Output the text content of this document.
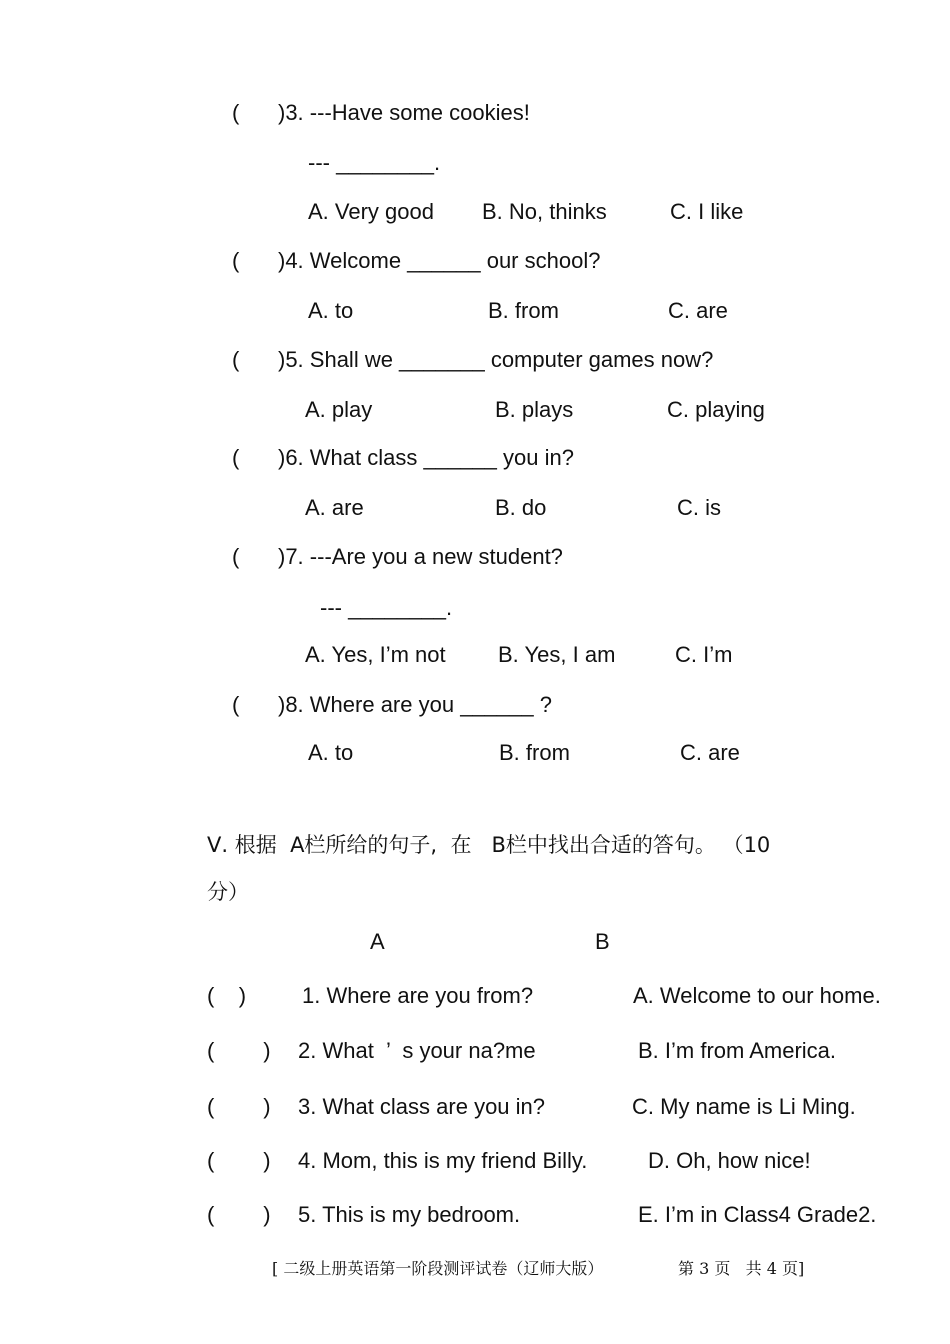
( )3. ---Have some cookies!
--- ________.
A. Very good B. No, thinks	C. I like
( )4. Welcome ______ our school?
A. to	B. from	C. are
( )5. Shall we _______ computer games now?
A. play	B. plays	C. playing
( )6. What class ______ you in?
A. are	B. do	C. is
( )7. ---Are you a new student?
--- ________.
A. Yes, I’m not B. Yes, I am	C. I’m
( )8. Where are you ______ ?
A. to	B. from	C. are
Ⅴ. 根据  A栏所给的句子,  在   B栏中找出合适的答句。 （10
分）
A	B
(    )	1. Where are you from?	A. Welcome to our home.
(        ) 2. What  ’  s your na?me	B. I’m from America.
(        ) 3. What class are you in?	C. My name is Li Ming.
(        ) 4. Mom, this is my friend Billy.	D. Oh, how nice!
(        ) 5. This is my bedroom.	E. I’m in Class4 Grade2.
[ 二级上册英语第一阶段测评试卷（辽师大版）	第 3 页   共 4 页]
